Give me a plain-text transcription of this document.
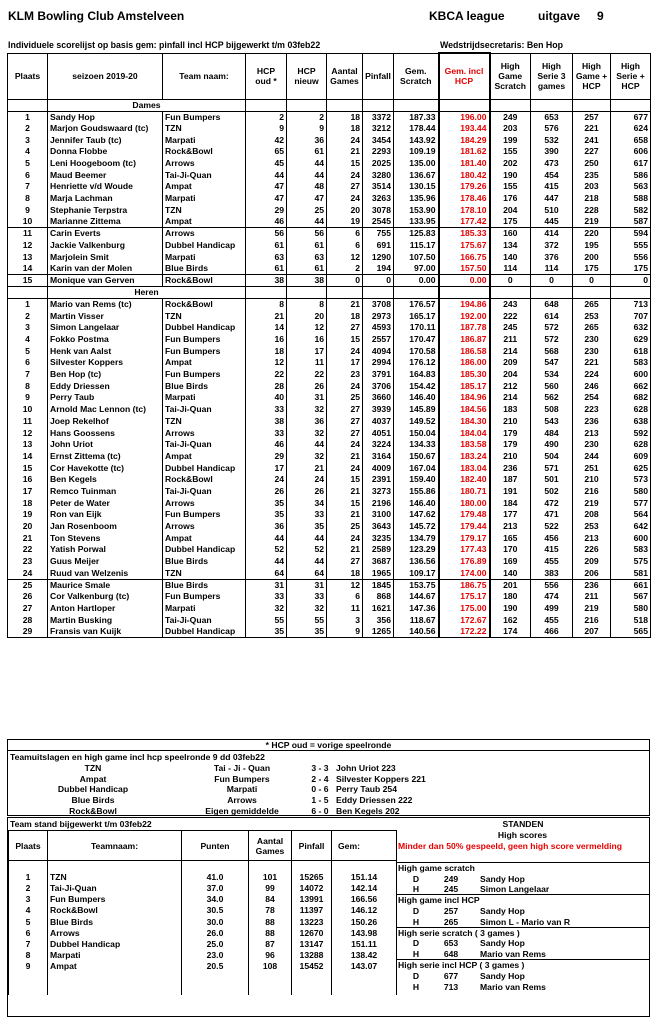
KLM Bowling Club Amstelveen	KBCA league	uitgave 9
Individuele scorelijst op basis gem: pinfall incl HCP bijgewerkt t/m 03feb22	Wedstrijdsecretaris: Ben Hop
Plaats	seizoen 2019-20	Team naam:	HCP oud *	HCP nieuw	Aantal Games	Pinfall	Gem. Scratch	Gem. incl HCP	High Game Scratch	High Serie 3 games	High Game + HCP	High Serie + HCP
	Dames											
1	Sandy Hop	Fun Bumpers	2	2	18	3372	187.33	196.00	249	653	257	677
2	Marjon Goudswaard (tc)	TZN	9	9	18	3212	178.44	193.44	203	576	221	624
3	Jennifer Taub (tc)	Marpati	42	36	24	3454	143.92	184.29	199	532	241	658
4	Donna Flobbe	Rock&Bowl	65	61	21	2293	109.19	181.62	155	390	227	606
5	Leni Hoogeboom (tc)	Arrows	45	44	15	2025	135.00	181.40	202	473	250	617
6	Maud Beemer	Tai-Ji-Quan	44	44	24	3280	136.67	180.42	190	454	235	586
7	Henriette v/d Woude	Ampat	47	48	27	3514	130.15	179.26	155	415	203	563
8	Marja Lachman	Marpati	47	47	24	3263	135.96	178.46	176	447	218	588
9	Stephanie Terpstra	TZN	29	25	20	3078	153.90	178.10	204	510	228	582
10	Marianne Zittema	Ampat	46	44	19	2545	133.95	177.42	175	445	219	587
11	Carin Everts	Arrows	56	56	6	755	125.83	185.33	160	414	220	594
12	Jackie Valkenburg	Dubbel Handicap	61	61	6	691	115.17	175.67	134	372	195	555
13	Marjolein Smit	Marpati	63	63	12	1290	107.50	166.75	140	376	200	556
14	Karin van der Molen	Blue Birds	61	61	2	194	97.00	157.50	114	114	175	175
15	Monique van Gerven	Rock&Bowl	38	38	0	0	0.00	0.00	0	0	0	0
	Heren											
1	Mario van Rems (tc)	Rock&Bowl	8	8	21	3708	176.57	194.86	243	648	265	713
2	Martin Visser	TZN	21	20	18	2973	165.17	192.00	222	614	253	707
3	Simon Langelaar	Dubbel Handicap	14	12	27	4593	170.11	187.78	245	572	265	632
4	Fokko Postma	Fun Bumpers	16	16	15	2557	170.47	186.87	211	572	230	629
5	Henk van Aalst	Fun Bumpers	18	17	24	4094	170.58	186.58	214	568	230	618
6	Silvester Koppers	Ampat	12	11	17	2994	176.12	186.00	209	547	221	583
7	Ben Hop (tc)	Fun Bumpers	22	22	23	3791	164.83	185.30	204	534	224	600
8	Eddy Driessen	Blue Birds	28	26	24	3706	154.42	185.17	212	560	246	662
9	Perry Taub	Marpati	40	31	25	3660	146.40	184.96	214	562	254	682
10	Arnold Mac Lennon (tc)	Tai-Ji-Quan	33	32	27	3939	145.89	184.56	183	508	223	628
11	Joep Rekelhof	TZN	38	36	27	4037	149.52	184.30	210	543	236	638
12	Hans Goossens	Arrows	33	32	27	4051	150.04	184.04	179	484	213	592
13	John Uriot	Tai-Ji-Quan	46	44	24	3224	134.33	183.58	179	490	230	628
14	Ernst Zittema (tc)	Ampat	29	32	21	3164	150.67	183.24	210	504	244	609
15	Cor Havekotte (tc)	Dubbel Handicap	17	21	24	4009	167.04	183.04	236	571	251	625
16	Ben Kegels	Rock&Bowl	24	24	15	2391	159.40	182.40	187	501	210	573
17	Remco Tuinman	Tai-Ji-Quan	26	26	21	3273	155.86	180.71	191	502	216	580
18	Peter de Water	Arrows	35	34	15	2196	146.40	180.00	184	472	219	577
19	Ron van Eijk	Fun Bumpers	35	33	21	3100	147.62	179.48	177	471	208	564
20	Jan Rosenboom	Arrows	36	35	25	3643	145.72	179.44	213	522	253	642
21	Ton Stevens	Ampat	44	44	24	3235	134.79	179.17	165	456	213	600
22	Yatish Porwal	Dubbel Handicap	52	52	21	2589	123.29	177.43	170	415	226	583
23	Guus Meijer	Blue Birds	44	44	27	3687	136.56	176.89	169	455	209	575
24	Ruud van Welzenis	TZN	64	64	18	1965	109.17	174.00	140	383	206	581
25	Maurice Smale	Blue Birds	31	31	12	1845	153.75	186.75	201	556	236	661
26	Cor Valkenburg (tc)	Fun Bumpers	33	33	6	868	144.67	175.17	180	474	211	567
27	Anton Hartloper	Marpati	32	32	11	1621	147.36	175.00	190	499	219	580
28	Martin Busking	Tai-Ji-Quan	55	55	3	356	118.67	172.67	162	455	216	518
29	Fransis van Kuijk	Dubbel Handicap	35	35	9	1265	140.56	172.22	174	466	207	565
* HCP oud = vorige speelronde
Teamuitslagen en high game incl hcp speelronde 9 dd 03feb22
TZN	Tai - Ji - Quan	3 - 3	John Uriot 223
Ampat	Fun Bumpers	2 - 4	Silvester Koppers 221
Dubbel Handicap	Marpati	0 - 6	Perry Taub 254
Blue Birds	Arrows	1 - 5	Eddy Driessen 222
Rock&Bowl	Eigen gemiddelde	6 - 0	Ben Kegels 202
Team stand bijgewerkt t/m 03feb22	STANDEN
Plaats	Teamnaam:	Punten	Aantal Games	Pinfall	Gem:

1	TZN	41.0	101	15265	151.14
2	Tai-Ji-Quan	37.0	99	14072	142.14
3	Fun Bumpers	34.0	84	13991	166.56
4	Rock&Bowl	30.5	78	11397	146.12
5	Blue Birds	30.0	88	13223	150.26
6	Arrows	26.0	88	12670	143.98
7	Dubbel Handicap	25.0	87	13147	151.11
8	Marpati	23.0	96	13288	138.42
9	Ampat	20.5	108	15452	143.07

High scores		
Minder dan 50% gespeeld, geen high score vermelding		

High game scratch		
D	249	Sandy Hop
H	245	Simon Langelaar
High game incl HCP		
D	257	Sandy Hop
H	265	Simon L - Mario van R
High serie scratch ( 3 games )		
D	653	Sandy Hop
H	648	Mario van Rems
High serie incl HCP ( 3 games )		
D	677	Sandy Hop
H	713	Mario van Rems
